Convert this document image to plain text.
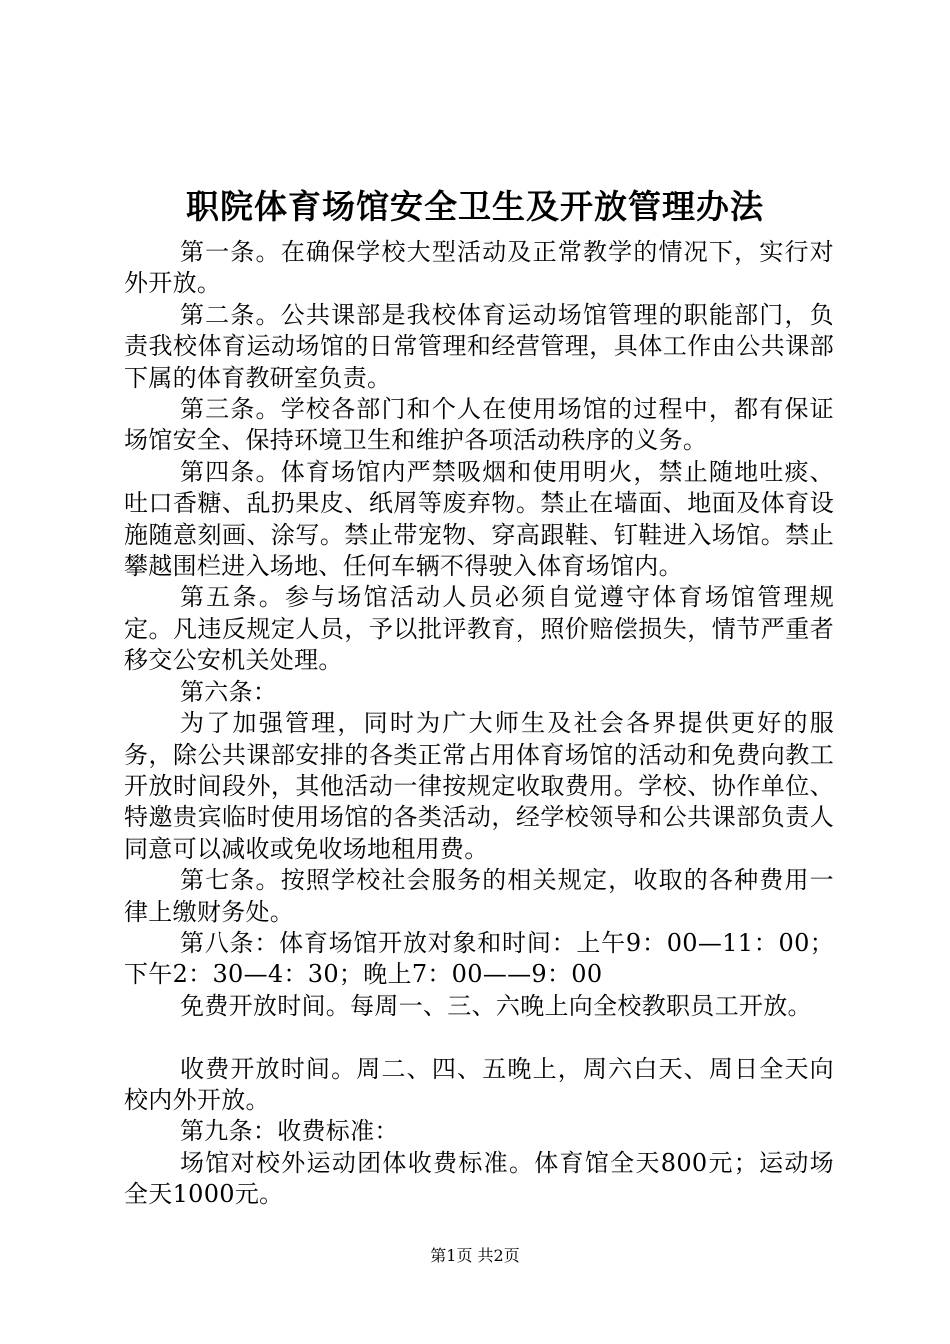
职院体育场馆安全卫生及开放管理办法

第一条。在确保学校大型活动及正常教学的情况下，实行对外开放。

第二条。公共课部是我校体育运动场馆管理的职能部门，负责我校体育运动场馆的日常管理和经营管理，具体工作由公共课部下属的体育教研室负责。

第三条。学校各部门和个人在使用场馆的过程中，都有保证场馆安全、保持环境卫生和维护各项活动秩序的义务。

第四条。体育场馆内严禁吸烟和使用明火，禁止随地吐痰、吐口香糖、乱扔果皮、纸屑等废弃物。禁止在墙面、地面及体育设施随意刻画、涂写。禁止带宠物、穿高跟鞋、钉鞋进入场馆。禁止攀越围栏进入场地、任何车辆不得驶入体育场馆内。

第五条。参与场馆活动人员必须自觉遵守体育场馆管理规定。凡违反规定人员，予以批评教育，照价赔偿损失，情节严重者移交公安机关处理。

第六条：

为了加强管理，同时为广大师生及社会各界提供更好的服务，除公共课部安排的各类正常占用体育场馆的活动和免费向教工开放时间段外，其他活动一律按规定收取费用。学校、协作单位、特邀贵宾临时使用场馆的各类活动，经学校领导和公共课部负责人同意可以减收或免收场地租用费。

第七条。按照学校社会服务的相关规定，收取的各种费用一律上缴财务处。

第八条：体育场馆开放对象和时间：上午9：00—11：00；下午2：30—4：30；晚上7：00——9：00

免费开放时间。每周一、三、六晚上向全校教职员工开放。

收费开放时间。周二、四、五晚上，周六白天、周日全天向校内外开放。

第九条：收费标准：

场馆对校外运动团体收费标准。体育馆全天800元；运动场全天1000元。

第1页 共2页
